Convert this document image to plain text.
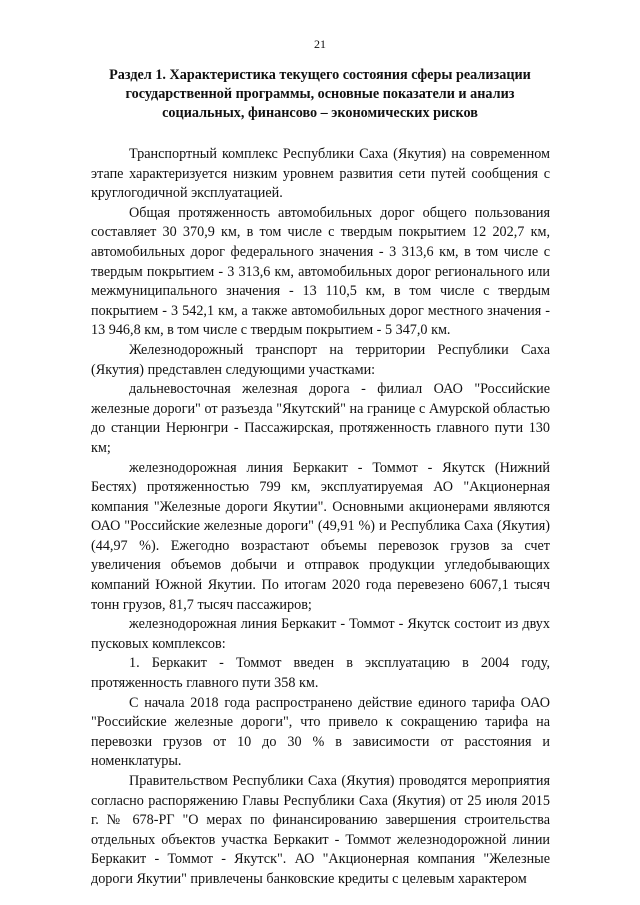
21
Раздел 1. Характеристика текущего состояния сферы реализации государственной программы, основные показатели и анализ социальных, финансово – экономических рисков

Транспортный комплекс Республики Саха (Якутия) на современном этапе характеризуется низким уровнем развития сети путей сообщения с круглогодичной эксплуатацией.

Общая протяженность автомобильных дорог общего пользования составляет 30 370,9 км, в том числе с твердым покрытием 12 202,7 км, автомобильных дорог федерального значения - 3 313,6 км, в том числе с твердым покрытием - 3 313,6 км, автомобильных дорог регионального или межмуниципального значения - 13 110,5 км, в том числе с твердым покрытием - 3 542,1 км, а также автомобильных дорог местного значения - 13 946,8 км, в том числе с твердым покрытием - 5 347,0 км.

Железнодорожный транспорт на территории Республики Саха (Якутия) представлен следующими участками:

дальневосточная железная дорога - филиал ОАО "Российские железные дороги" от разъезда "Якутский" на границе с Амурской областью до станции Нерюнгри - Пассажирская, протяженность главного пути 130 км;

железнодорожная линия Беркакит - Томмот - Якутск (Нижний Бестях) протяженностью 799 км, эксплуатируемая АО "Акционерная компания "Железные дороги Якутии". Основными акционерами являются ОАО "Российские железные дороги" (49,91 %) и Республика Саха (Якутия) (44,97 %). Ежегодно возрастают объемы перевозок грузов за счет увеличения объемов добычи и отправок продукции угледобывающих компаний Южной Якутии. По итогам 2020 года перевезено 6067,1 тысяч тонн грузов, 81,7 тысяч пассажиров;

железнодорожная линия Беркакит - Томмот - Якутск состоит из двух пусковых комплексов:

1. Беркакит - Томмот введен в эксплуатацию в 2004 году, протяженность главного пути 358 км.

С начала 2018 года распространено действие единого тарифа ОАО "Российские железные дороги", что привело к сокращению тарифа на перевозки грузов от 10 до 30 % в зависимости от расстояния и номенклатуры.

Правительством Республики Саха (Якутия) проводятся мероприятия согласно распоряжению Главы Республики Саха (Якутия) от 25 июля 2015 г. № 678-РГ "О мерах по финансированию завершения строительства отдельных объектов участка Беркакит - Томмот железнодорожной линии Беркакит - Томмот - Якутск". АО "Акционерная компания "Железные дороги Якутии" привлечены банковские кредиты с целевым характером
